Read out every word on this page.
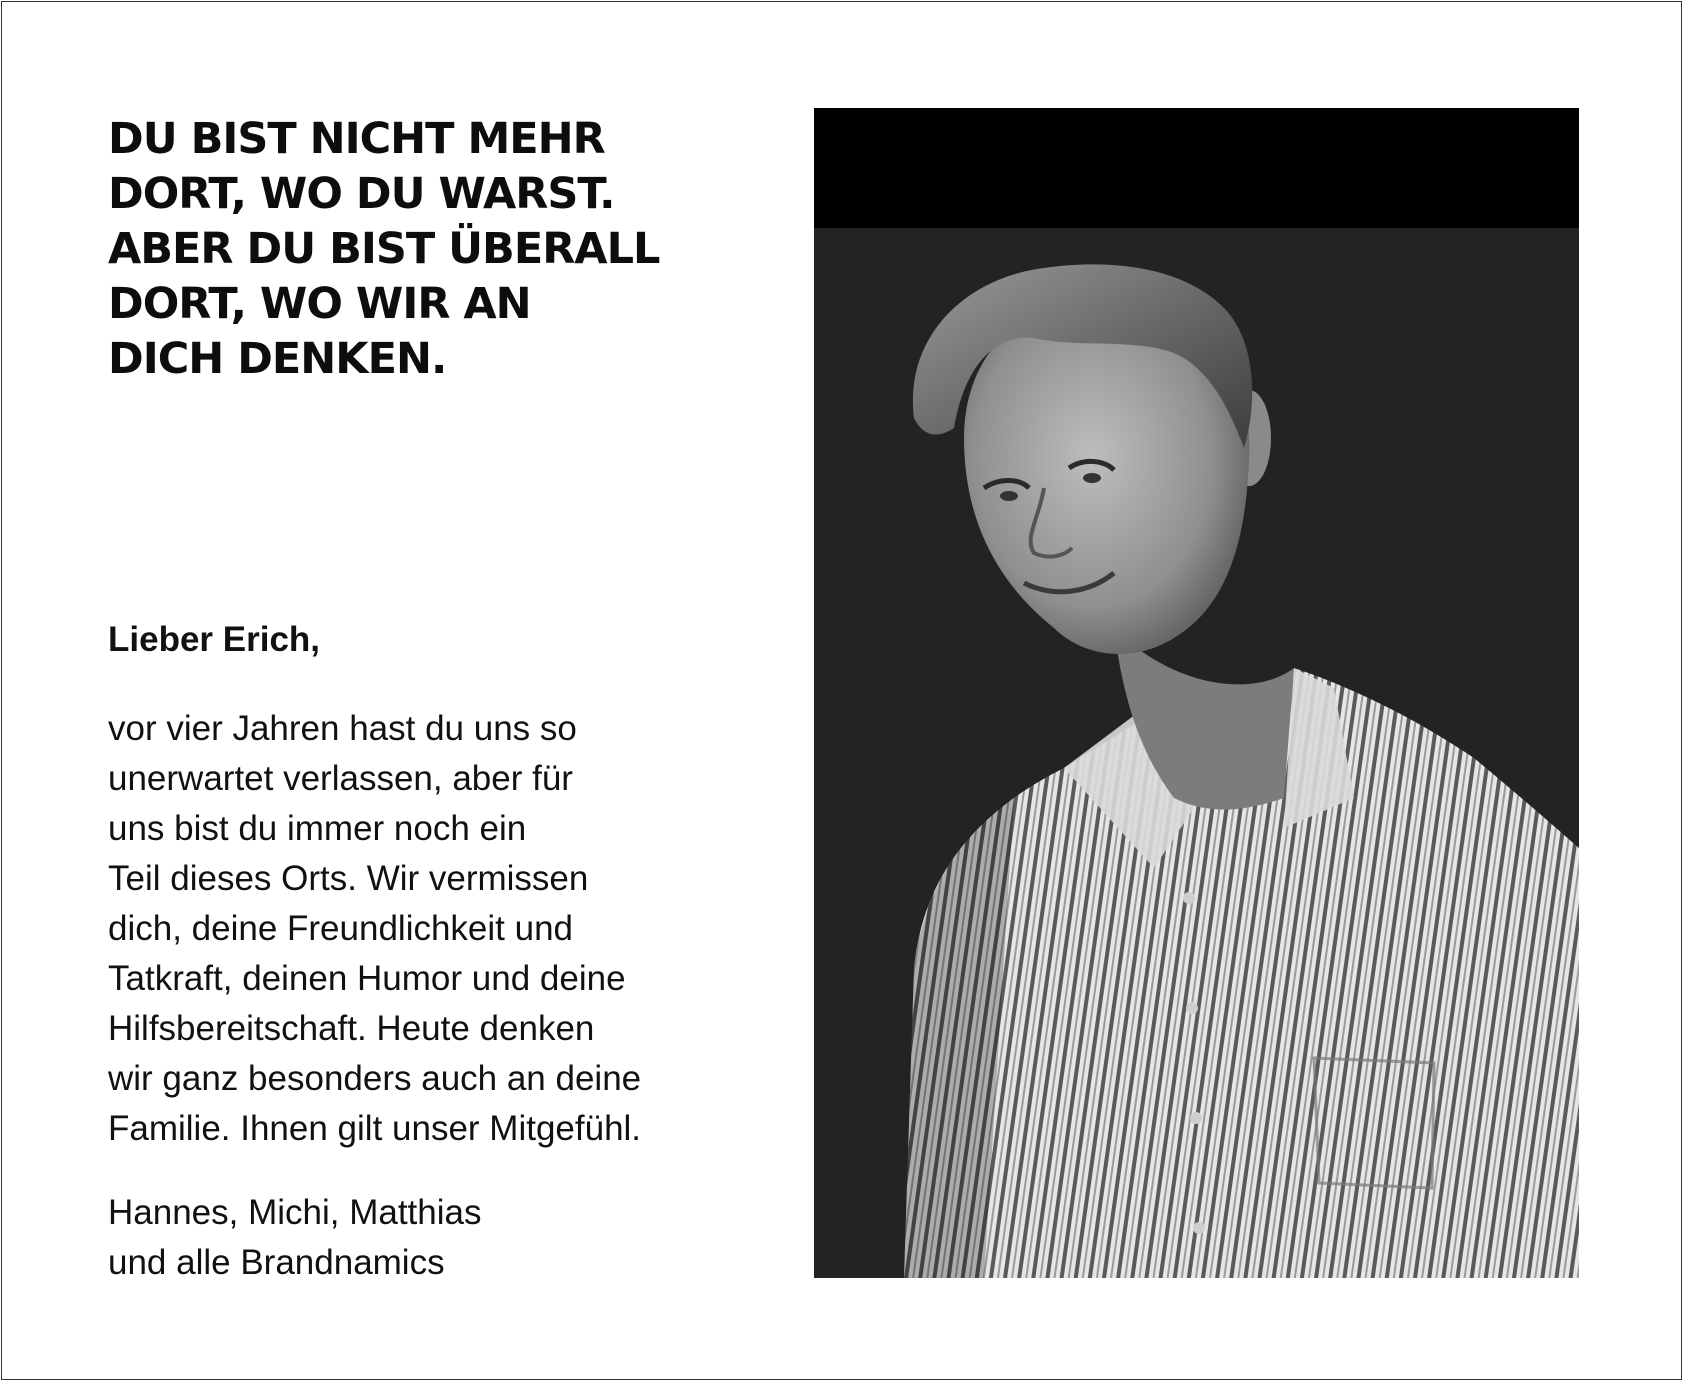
DU BIST NICHT MEHR
DORT, WO DU WARST.
ABER DU BIST ÜBERALL
DORT, WO WIR AN
DICH DENKEN.

Lieber Erich,

vor vier Jahren hast du uns so
unerwartet verlassen, aber für
uns bist du immer noch ein
Teil dieses Orts. Wir vermissen
dich, deine Freundlichkeit und
Tatkraft, deinen Humor und deine
Hilfsbereitschaft. Heute denken
wir ganz besonders auch an deine
Familie. Ihnen gilt unser Mitgefühl.

Hannes, Michi, Matthias
und alle Brandnamics
